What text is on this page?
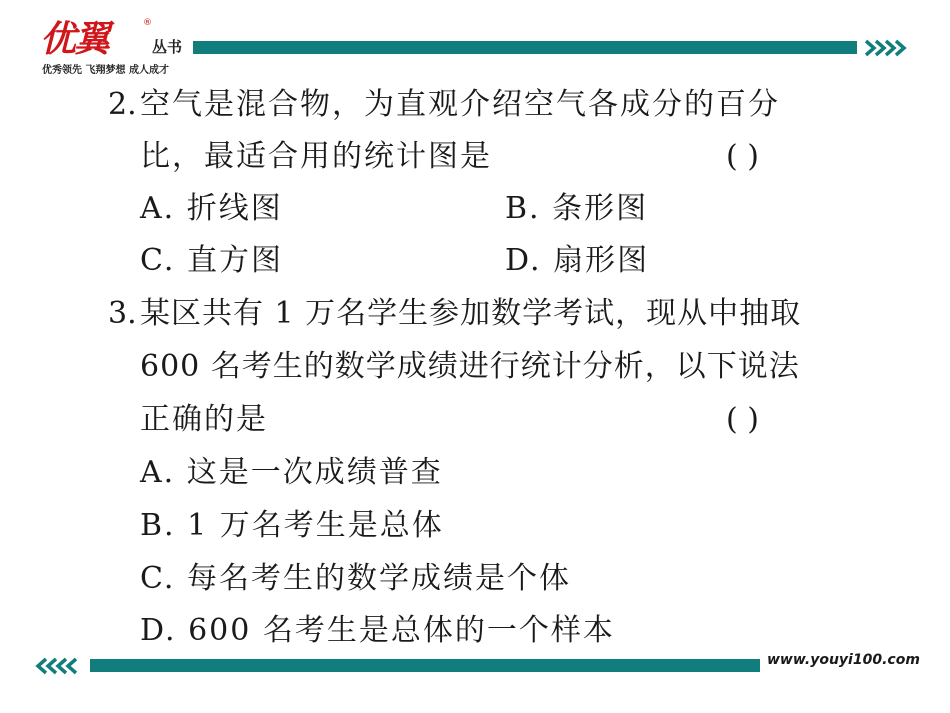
优翼	®
丛书
优秀领先 飞翔梦想 成人成才
2. 空气是混合物，为直观介绍空气各成分的百分
比，最适合用的统计图是	( )
A. 折线图	B. 条形图
C. 直方图	D. 扇形图
3. 某区共有 1 万名学生参加数学考试，现从中抽取
600 名考生的数学成绩进行统计分析，以下说法
正确的是	( )
A. 这是一次成绩普查
B. 1 万名考生是总体
C. 每名考生的数学成绩是个体
D. 600 名考生是总体的一个样本
www.youyi100.com
